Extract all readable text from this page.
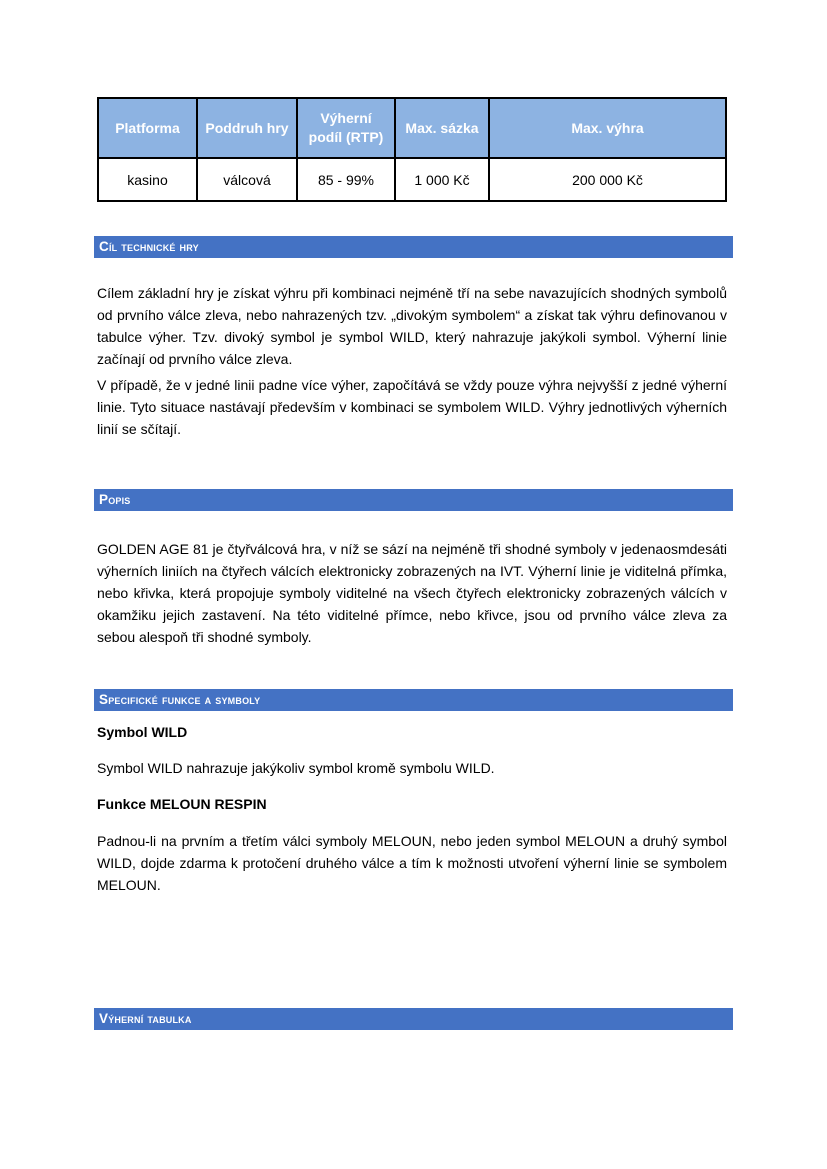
Platforma	Poddruh hry	Výherní podíl (RTP)	Max. sázka	Max. výhra
kasino	válcová	85 - 99%	1 000 Kč	200 000 Kč
Cíl technické hry

Cílem základní hry je získat výhru při kombinaci nejméně tří na sebe navazujících shodných symbolů od prvního válce zleva, nebo nahrazených tzv. „divokým symbolem“ a získat tak výhru definovanou v tabulce výher. Tzv. divoký symbol je symbol WILD, který nahrazuje jakýkoli symbol. Výherní linie začínají od prvního válce zleva.

V případě, že v jedné linii padne více výher, započítává se vždy pouze výhra nejvyšší z jedné výherní linie. Tyto situace nastávají především v kombinaci se symbolem WILD. Výhry jednotlivých výherních linií se sčítají.

Popis

GOLDEN AGE 81 je čtyřválcová hra, v níž se sází na nejméně tři shodné symboly v jedenaosmdesáti výherních liniích na čtyřech válcích elektronicky zobrazených na IVT. Výherní linie je viditelná přímka, nebo křivka, která propojuje symboly viditelné na všech čtyřech elektronicky zobrazených válcích v okamžiku jejich zastavení. Na této viditelné přímce, nebo křivce, jsou od prvního válce zleva za sebou alespoň tři shodné symboly.

Specifické funkce a symboly

Symbol WILD

Symbol WILD nahrazuje jakýkoliv symbol kromě symbolu WILD.

Funkce MELOUN RESPIN

Padnou-li na prvním a třetím válci symboly MELOUN, nebo jeden symbol MELOUN a druhý symbol WILD, dojde zdarma k protočení druhého válce a tím k možnosti utvoření výherní linie se symbolem MELOUN.

Výherní tabulka
